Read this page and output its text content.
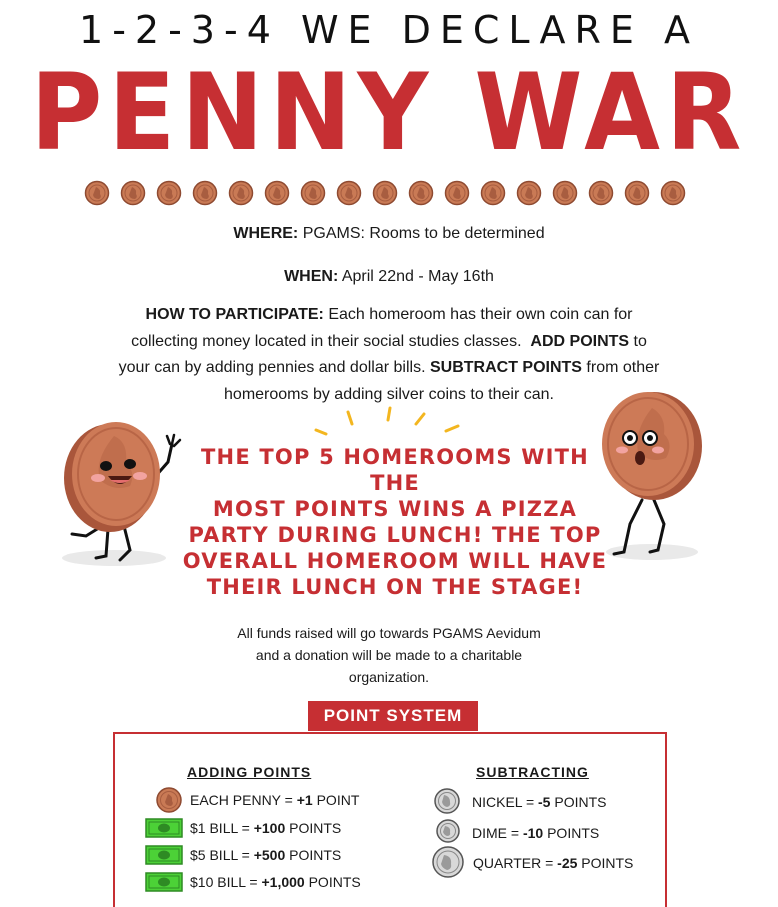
1-2-3-4 WE DECLARE A
PENNY WAR
WHERE: PGAMS: Rooms to be determined
WHEN: April 22nd - May 16th
HOW TO PARTICIPATE: Each homeroom has their own coin can for
collecting money located in their social studies classes. ADD POINTS to
your can by adding pennies and dollar bills. SUBTRACT POINTS from other
homerooms by adding silver coins to their can.
THE TOP 5 HOMEROOMS WITH THE
MOST POINTS WINS A PIZZA
PARTY DURING LUNCH! THE TOP
OVERALL HOMEROOM WILL HAVE
THEIR LUNCH ON THE STAGE!
All funds raised will go towards PGAMS Aevidum
and a donation will be made to a charitable
organization.
POINT SYSTEM
ADDING POINTS	SUBTRACTING
EACH PENNY = +1 POINT
$1 BILL = +100 POINTS
$5 BILL = +500 POINTS
$10 BILL = +1,000 POINTS
NICKEL = -5 POINTS
DIME = -10 POINTS
QUARTER = -25 POINTS
